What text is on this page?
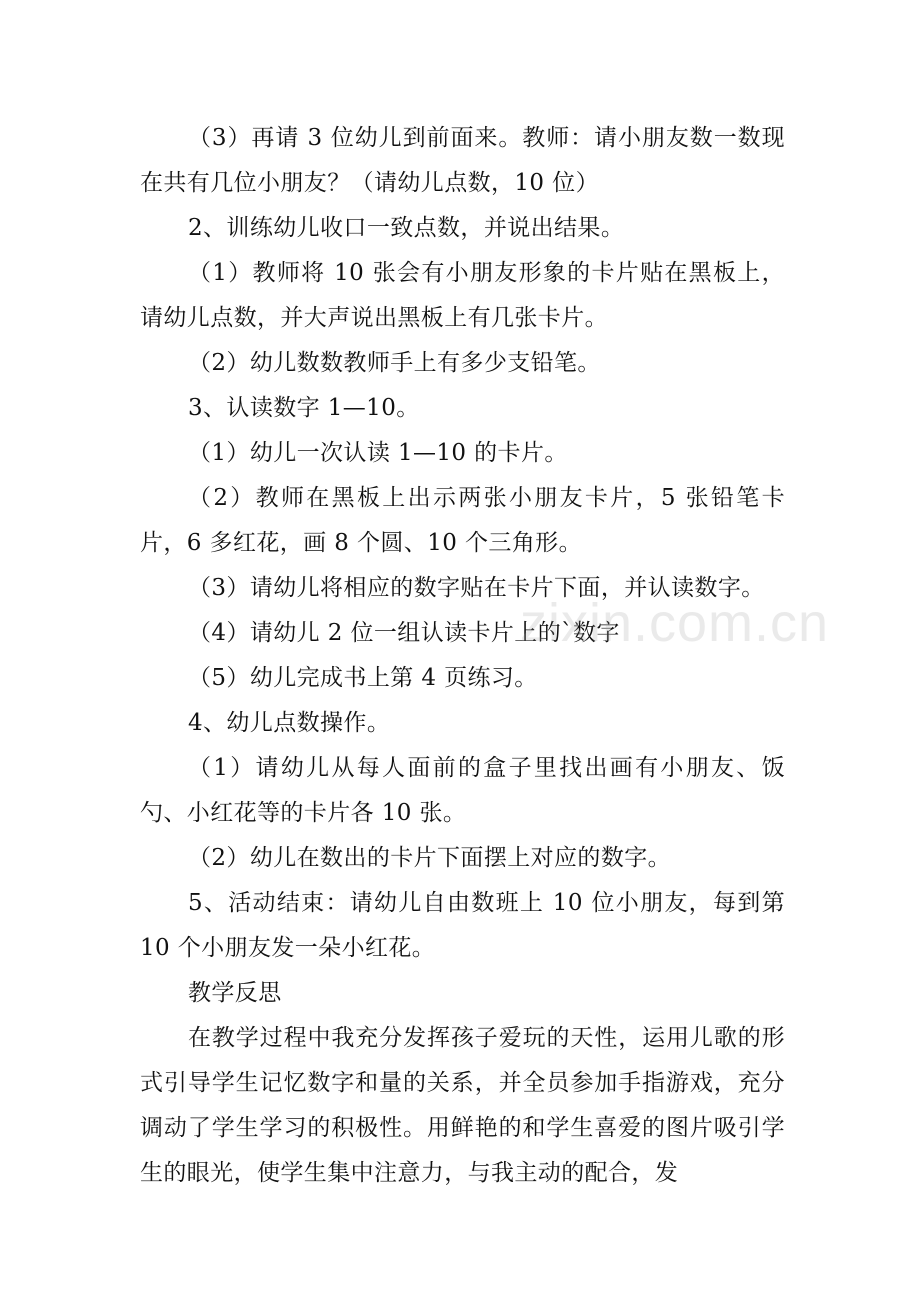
（3）再请 3 位幼儿到前面来。教师：请小朋友数一数现在共有几位小朋友？（请幼儿点数，10 位）

2、训练幼儿收口一致点数，并说出结果。

（1）教师将 10 张会有小朋友形象的卡片贴在黑板上，请幼儿点数，并大声说出黑板上有几张卡片。

（2）幼儿数数教师手上有多少支铅笔。

3、认读数字 1—10。

（1）幼儿一次认读 1—10 的卡片。

（2）教师在黑板上出示两张小朋友卡片，5 张铅笔卡片，6 多红花，画 8 个圆、10 个三角形。

（3）请幼儿将相应的数字贴在卡片下面，并认读数字。

（4）请幼儿 2 位一组认读卡片上的`数字

（5）幼儿完成书上第 4 页练习。

4、幼儿点数操作。

（1）请幼儿从每人面前的盒子里找出画有小朋友、饭勺、小红花等的卡片各 10 张。

（2）幼儿在数出的卡片下面摆上对应的数字。

5、活动结束：请幼儿自由数班上 10 位小朋友，每到第 10 个小朋友发一朵小红花。

教学反思

在教学过程中我充分发挥孩子爱玩的天性，运用儿歌的形式引导学生记忆数字和量的关系，并全员参加手指游戏，充分调动了学生学习的积极性。用鲜艳的和学生喜爱的图片吸引学生的眼光，使学生集中注意力，与我主动的配合，发

zixin.com.cn
